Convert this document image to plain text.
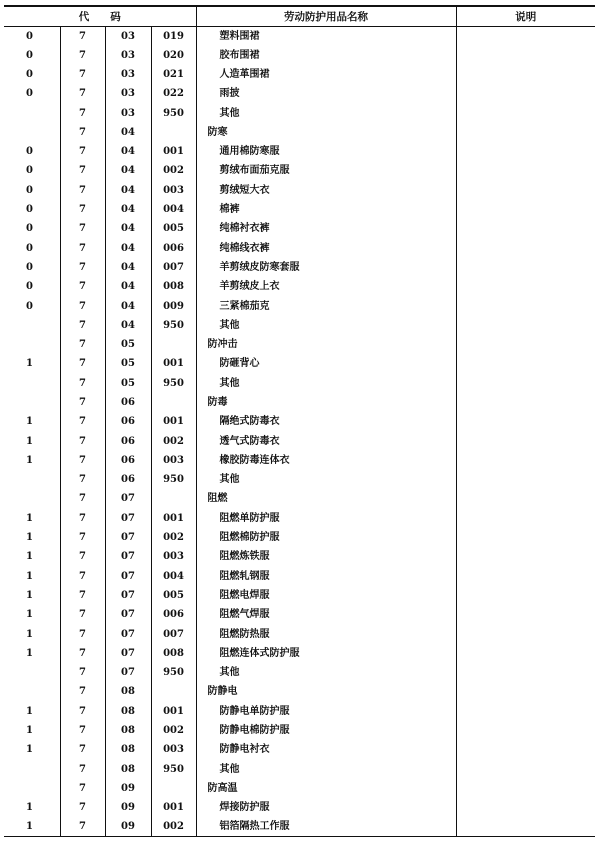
代　　码				劳动防护用品名称	说明
0	7	03	019	塑料围裙	
0	7	03	020	胶布围裙	
0	7	03	021	人造革围裙	
0	7	03	022	雨披	
	7	03	950	其他	
	7	04		防寒	
0	7	04	001	通用棉防寒服	
0	7	04	002	剪绒布面茄克服	
0	7	04	003	剪绒短大衣	
0	7	04	004	棉裤	
0	7	04	005	纯棉衬衣裤	
0	7	04	006	纯棉线衣裤	
0	7	04	007	羊剪绒皮防寒套服	
0	7	04	008	羊剪绒皮上衣	
0	7	04	009	三紧棉茄克	
	7	04	950	其他	
	7	05		防冲击	
1	7	05	001	防砸背心	
	7	05	950	其他	
	7	06		防毒	
1	7	06	001	隔绝式防毒衣	
1	7	06	002	透气式防毒衣	
1	7	06	003	橡胶防毒连体衣	
	7	06	950	其他	
	7	07		阻燃	
1	7	07	001	阻燃单防护服	
1	7	07	002	阻燃棉防护服	
1	7	07	003	阻燃炼铁服	
1	7	07	004	阻燃轧钢服	
1	7	07	005	阻燃电焊服	
1	7	07	006	阻燃气焊服	
1	7	07	007	阻燃防热服	
1	7	07	008	阻燃连体式防护服	
	7	07	950	其他	
	7	08		防静电	
1	7	08	001	防静电单防护服	
1	7	08	002	防静电棉防护服	
1	7	08	003	防静电衬衣	
	7	08	950	其他	
	7	09		防高温	
1	7	09	001	焊接防护服	
1	7	09	002	铝箔隔热工作服	
